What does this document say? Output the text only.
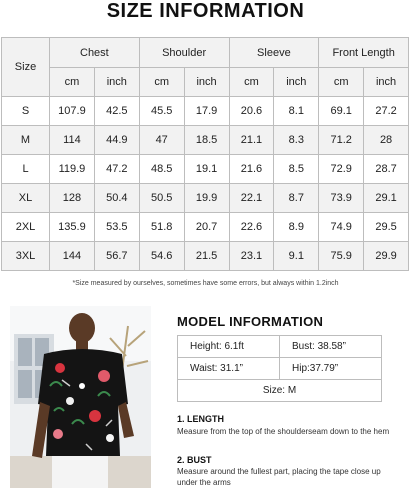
SIZE INFORMATION
Size	Chest		Shoulder		Sleeve		Front Length	
	cm	inch	cm	inch	cm	inch	cm	inch
S	107.9	42.5	45.5	17.9	20.6	8.1	69.1	27.2
M	114	44.9	47	18.5	21.1	8.3	71.2	28
L	119.9	47.2	48.5	19.1	21.6	8.5	72.9	28.7
XL	128	50.4	50.5	19.9	22.1	8.7	73.9	29.1
2XL	135.9	53.5	51.8	20.7	22.6	8.9	74.9	29.5
3XL	144	56.7	54.6	21.5	23.1	9.1	75.9	29.9
*Size measured by ourselves, sometimes have some errors, but always within 1.2inch
MODEL INFORMATION
Height: 6.1ft	Bust: 38.58”
Waist: 31.1”	Hip:37.79”
Size: M	
1. LENGTH
Measure from the top of the shoulderseam down to the hem
2. BUST
Measure around the fullest part, placing the tape close up under the arms
